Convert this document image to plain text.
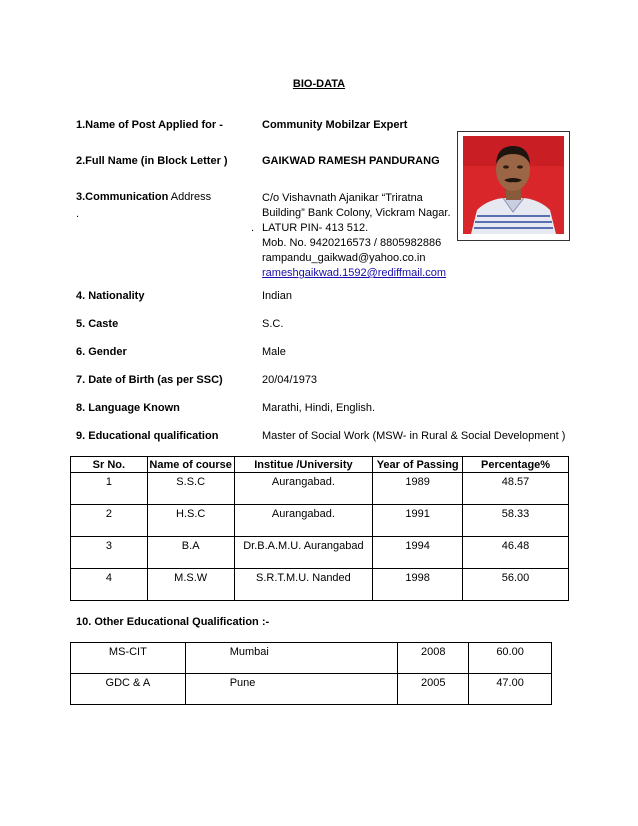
BIO-DATA
1.Name of Post Applied for -	Community Mobilzar Expert
2.Full Name (in Block Letter )	GAIKWAD RAMESH PANDURANG
3.Communication Address
.
.
C/o Vishavnath Ajanikar “Triratna
Building” Bank Colony, Vickram Nagar.
LATUR PIN- 413 512.
Mob. No. 9420216573 / 8805982886
rampandu_gaikwad@yahoo.co.in
rameshgaikwad.1592@rediffmail.com
4. Nationality	Indian
5. Caste	S.C.
6. Gender	Male
7. Date of Birth (as per SSC)	20/04/1973
8. Language Known	Marathi, Hindi, English.
9. Educational qualification	Master of Social Work (MSW- in Rural & Social Development )
Sr No.	Name of course	Institue /University	Year of Passing	Percentage%
1	S.S.C	Aurangabad.	1989	48.57
2	H.S.C	Aurangabad.	1991	58.33
3	B.A	Dr.B.A.M.U. Aurangabad	1994	46.48
4	M.S.W	S.R.T.M.U. Nanded	1998	56.00
10. Other Educational Qualification :-
MS-CIT	Mumbai	2008	60.00
GDC & A	Pune	2005	47.00
